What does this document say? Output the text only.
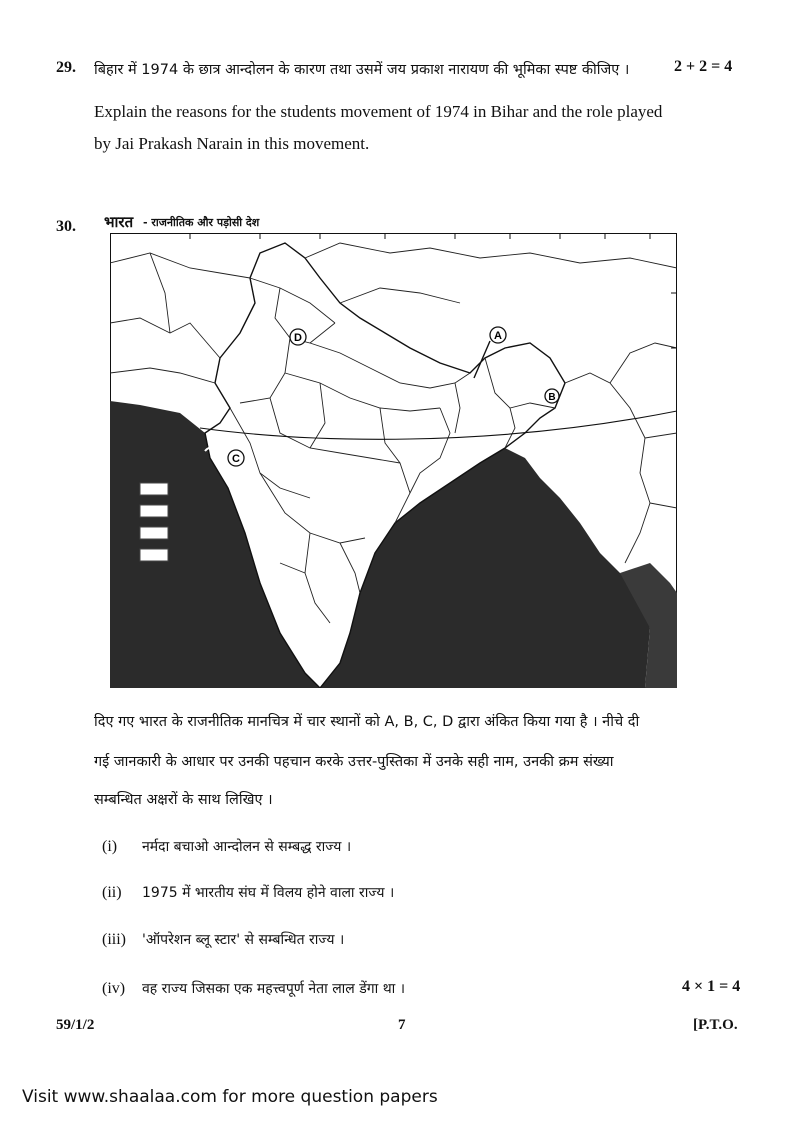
29. बिहार में 1974 के छात्र आन्दोलन के कारण तथा उसमें जय प्रकाश नारायण की भूमिका स्पष्ट कीजिए ।	2 + 2 = 4
Explain the reasons for the students movement of 1974 in Bihar and the role played
by Jai Prakash Narain in this movement.
30. भारत - राजनीतिक और पड़ोसी देश
A
B
C
D
दिए गए भारत के राजनीतिक मानचित्र में चार स्थानों को A, B, C, D द्वारा अंकित किया गया है । नीचे दी
गई जानकारी के आधार पर उनकी पहचान करके उत्तर-पुस्तिका में उनके सही नाम, उनकी क्रम संख्या
सम्बन्धित अक्षरों के साथ लिखिए ।
(i) नर्मदा बचाओ आन्दोलन से सम्बद्ध राज्य ।
(ii) 1975 में भारतीय संघ में विलय होने वाला राज्य ।
(iii) 'ऑपरेशन ब्लू स्टार' से सम्बन्धित राज्य ।
(iv) वह राज्य जिसका एक महत्त्वपूर्ण नेता लाल डेंगा था ।	4 × 1 = 4
59/1/2	7	[P.T.O.
Visit www.shaalaa.com for more question papers
